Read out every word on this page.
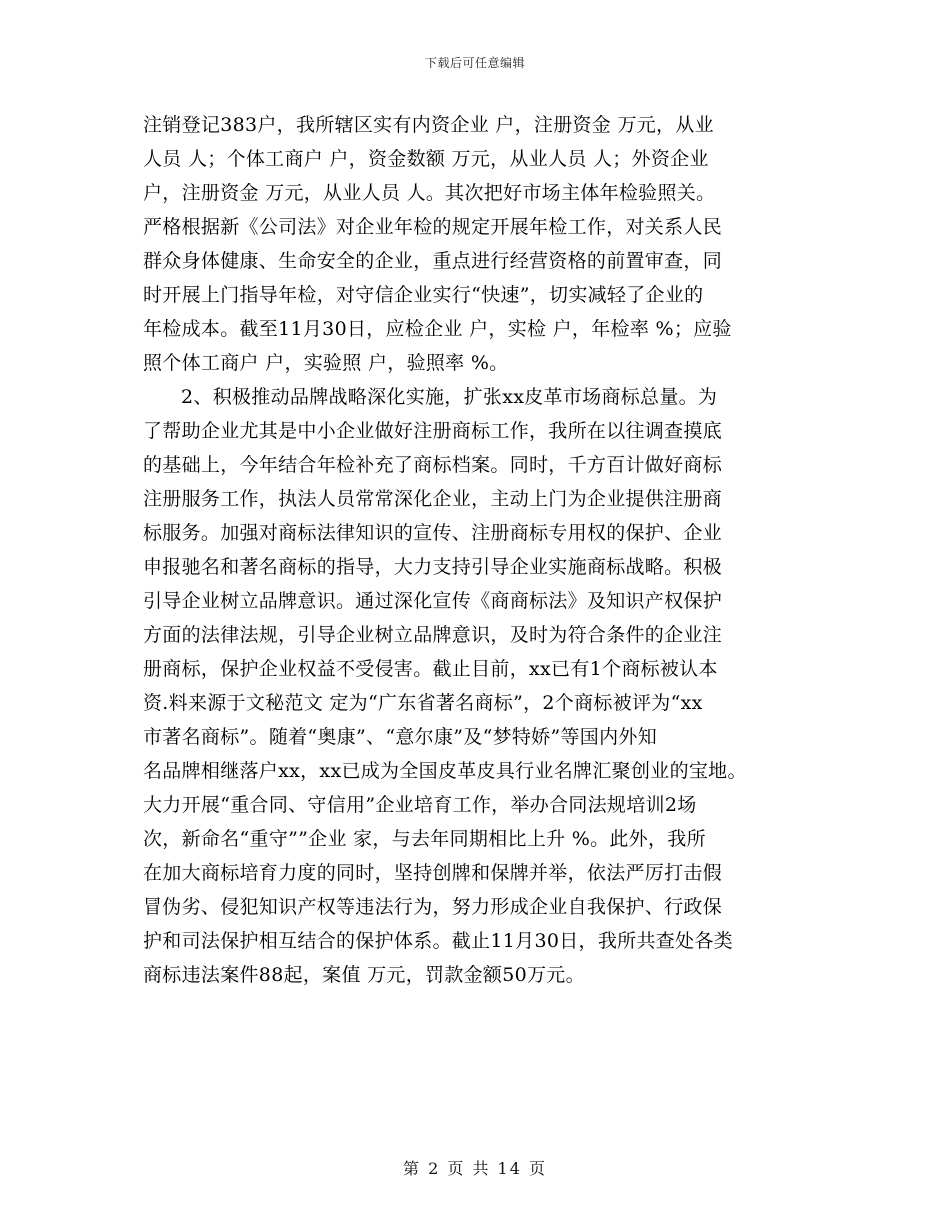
下载后可任意编辑
注销登记383户，我所辖区实有内资企业 户，注册资金 万元，从业
人员 人；个体工商户 户，资金数额 万元，从业人员 人；外资企业
户，注册资金 万元，从业人员 人。其次把好市场主体年检验照关。
严格根据新《公司法》对企业年检的规定开展年检工作，对关系人民
群众身体健康、生命安全的企业，重点进行经营资格的前置审查，同
时开展上门指导年检，对守信企业实行“快速”，切实减轻了企业的
年检成本。截至11月30日，应检企业 户，实检 户，年检率 %；应验
照个体工商户 户，实验照 户，验照率 %。
2、积极推动品牌战略深化实施，扩张xx皮革市场商标总量。为
了帮助企业尤其是中小企业做好注册商标工作，我所在以往调查摸底
的基础上，今年结合年检补充了商标档案。同时，千方百计做好商标
注册服务工作，执法人员常常深化企业，主动上门为企业提供注册商
标服务。加强对商标法律知识的宣传、注册商标专用权的保护、企业
申报驰名和著名商标的指导，大力支持引导企业实施商标战略。积极
引导企业树立品牌意识。通过深化宣传《商商标法》及知识产权保护
方面的法律法规，引导企业树立品牌意识，及时为符合条件的企业注
册商标，保护企业权益不受侵害。截止目前，xx已有1个商标被认本
资.料来源于文秘范文 定为“广东省著名商标”，2个商标被评为“xx
市著名商标”。随着“奥康”、“意尔康”及“梦特娇”等国内外知
名品牌相继落户xx，xx已成为全国皮革皮具行业名牌汇聚创业的宝地。
大力开展“重合同、守信用”企业培育工作，举办合同法规培训2场
次，新命名“重守””企业 家，与去年同期相比上升 %。此外，我所
在加大商标培育力度的同时，坚持创牌和保牌并举，依法严厉打击假
冒伪劣、侵犯知识产权等违法行为，努力形成企业自我保护、行政保
护和司法保护相互结合的保护体系。截止11月30日，我所共查处各类
商标违法案件88起，案值 万元，罚款金额50万元。
第 2 页 共 14 页
